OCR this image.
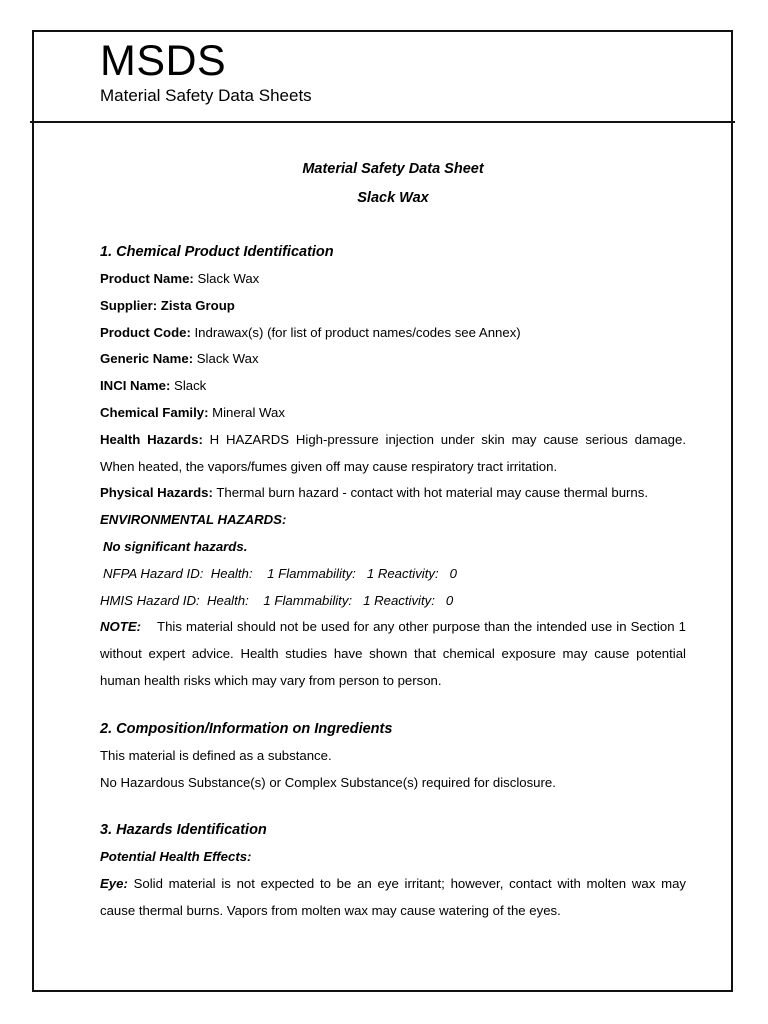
MSDS
Material Safety Data Sheets

Material Safety Data Sheet

Slack Wax

1. Chemical Product Identification

Product Name: Slack Wax

Supplier: Zista Group

Product Code: Indrawax(s) (for list of product names/codes see Annex)

Generic Name: Slack Wax

INCI Name: Slack

Chemical Family: Mineral Wax

Health Hazards: H HAZARDS High-pressure injection under skin may cause serious damage. When heated, the vapors/fumes given off may cause respiratory tract irritation.

Physical Hazards: Thermal burn hazard - contact with hot material may cause thermal burns.

ENVIRONMENTAL HAZARDS:

No significant hazards.

NFPA Hazard ID:  Health:    1 Flammability:   1 Reactivity:   0

HMIS Hazard ID:  Health:    1 Flammability:   1 Reactivity:   0

NOTE:    This material should not be used for any other purpose than the intended use in Section 1 without expert advice. Health studies have shown that chemical exposure may cause potential human health risks which may vary from person to person.

2. Composition/Information on Ingredients

This material is defined as a substance.

No Hazardous Substance(s) or Complex Substance(s) required for disclosure.

3. Hazards Identification

Potential Health Effects:

Eye: Solid material is not expected to be an eye irritant; however, contact with molten wax may cause thermal burns. Vapors from molten wax may cause watering of the eyes.
